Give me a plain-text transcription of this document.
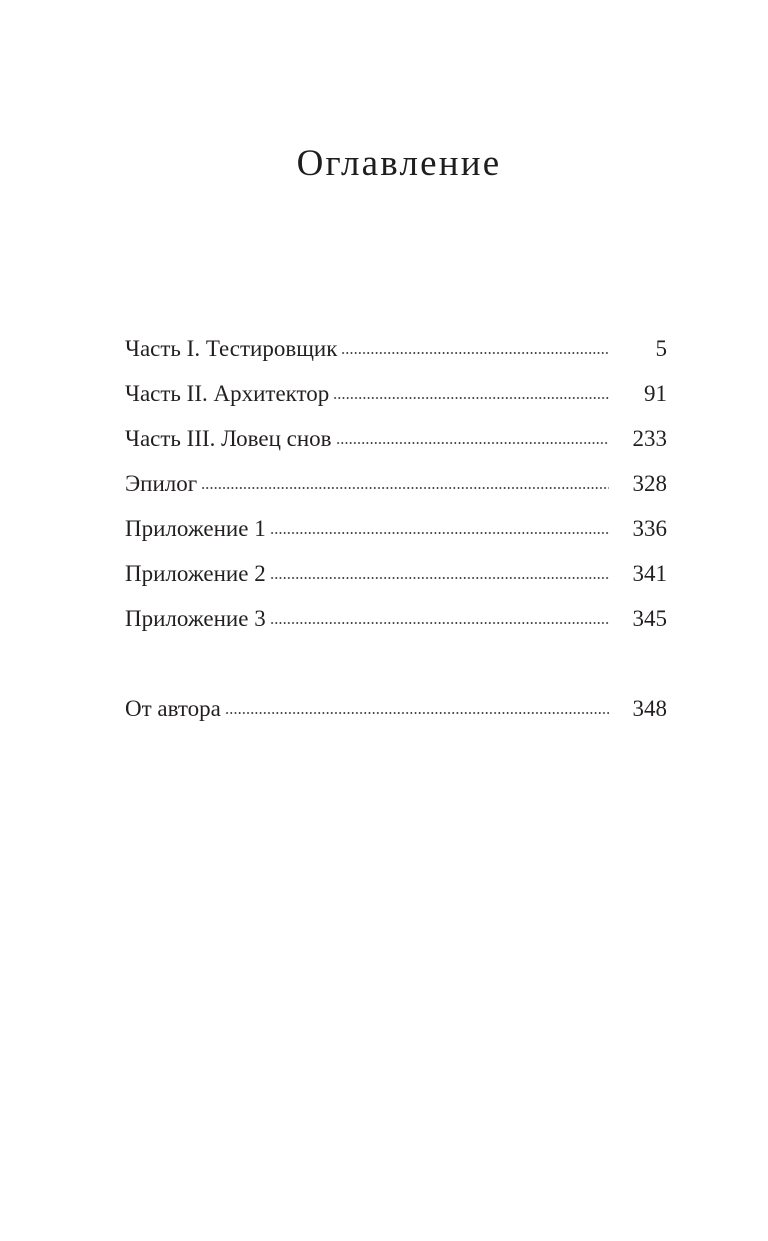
Оглавление
Часть I. Тестировщик	5
Часть II. Архитектор	91
Часть III. Ловец снов	233
Эпилог	328
Приложение 1	336
Приложение 2	341
Приложение 3	345
От автора	348
